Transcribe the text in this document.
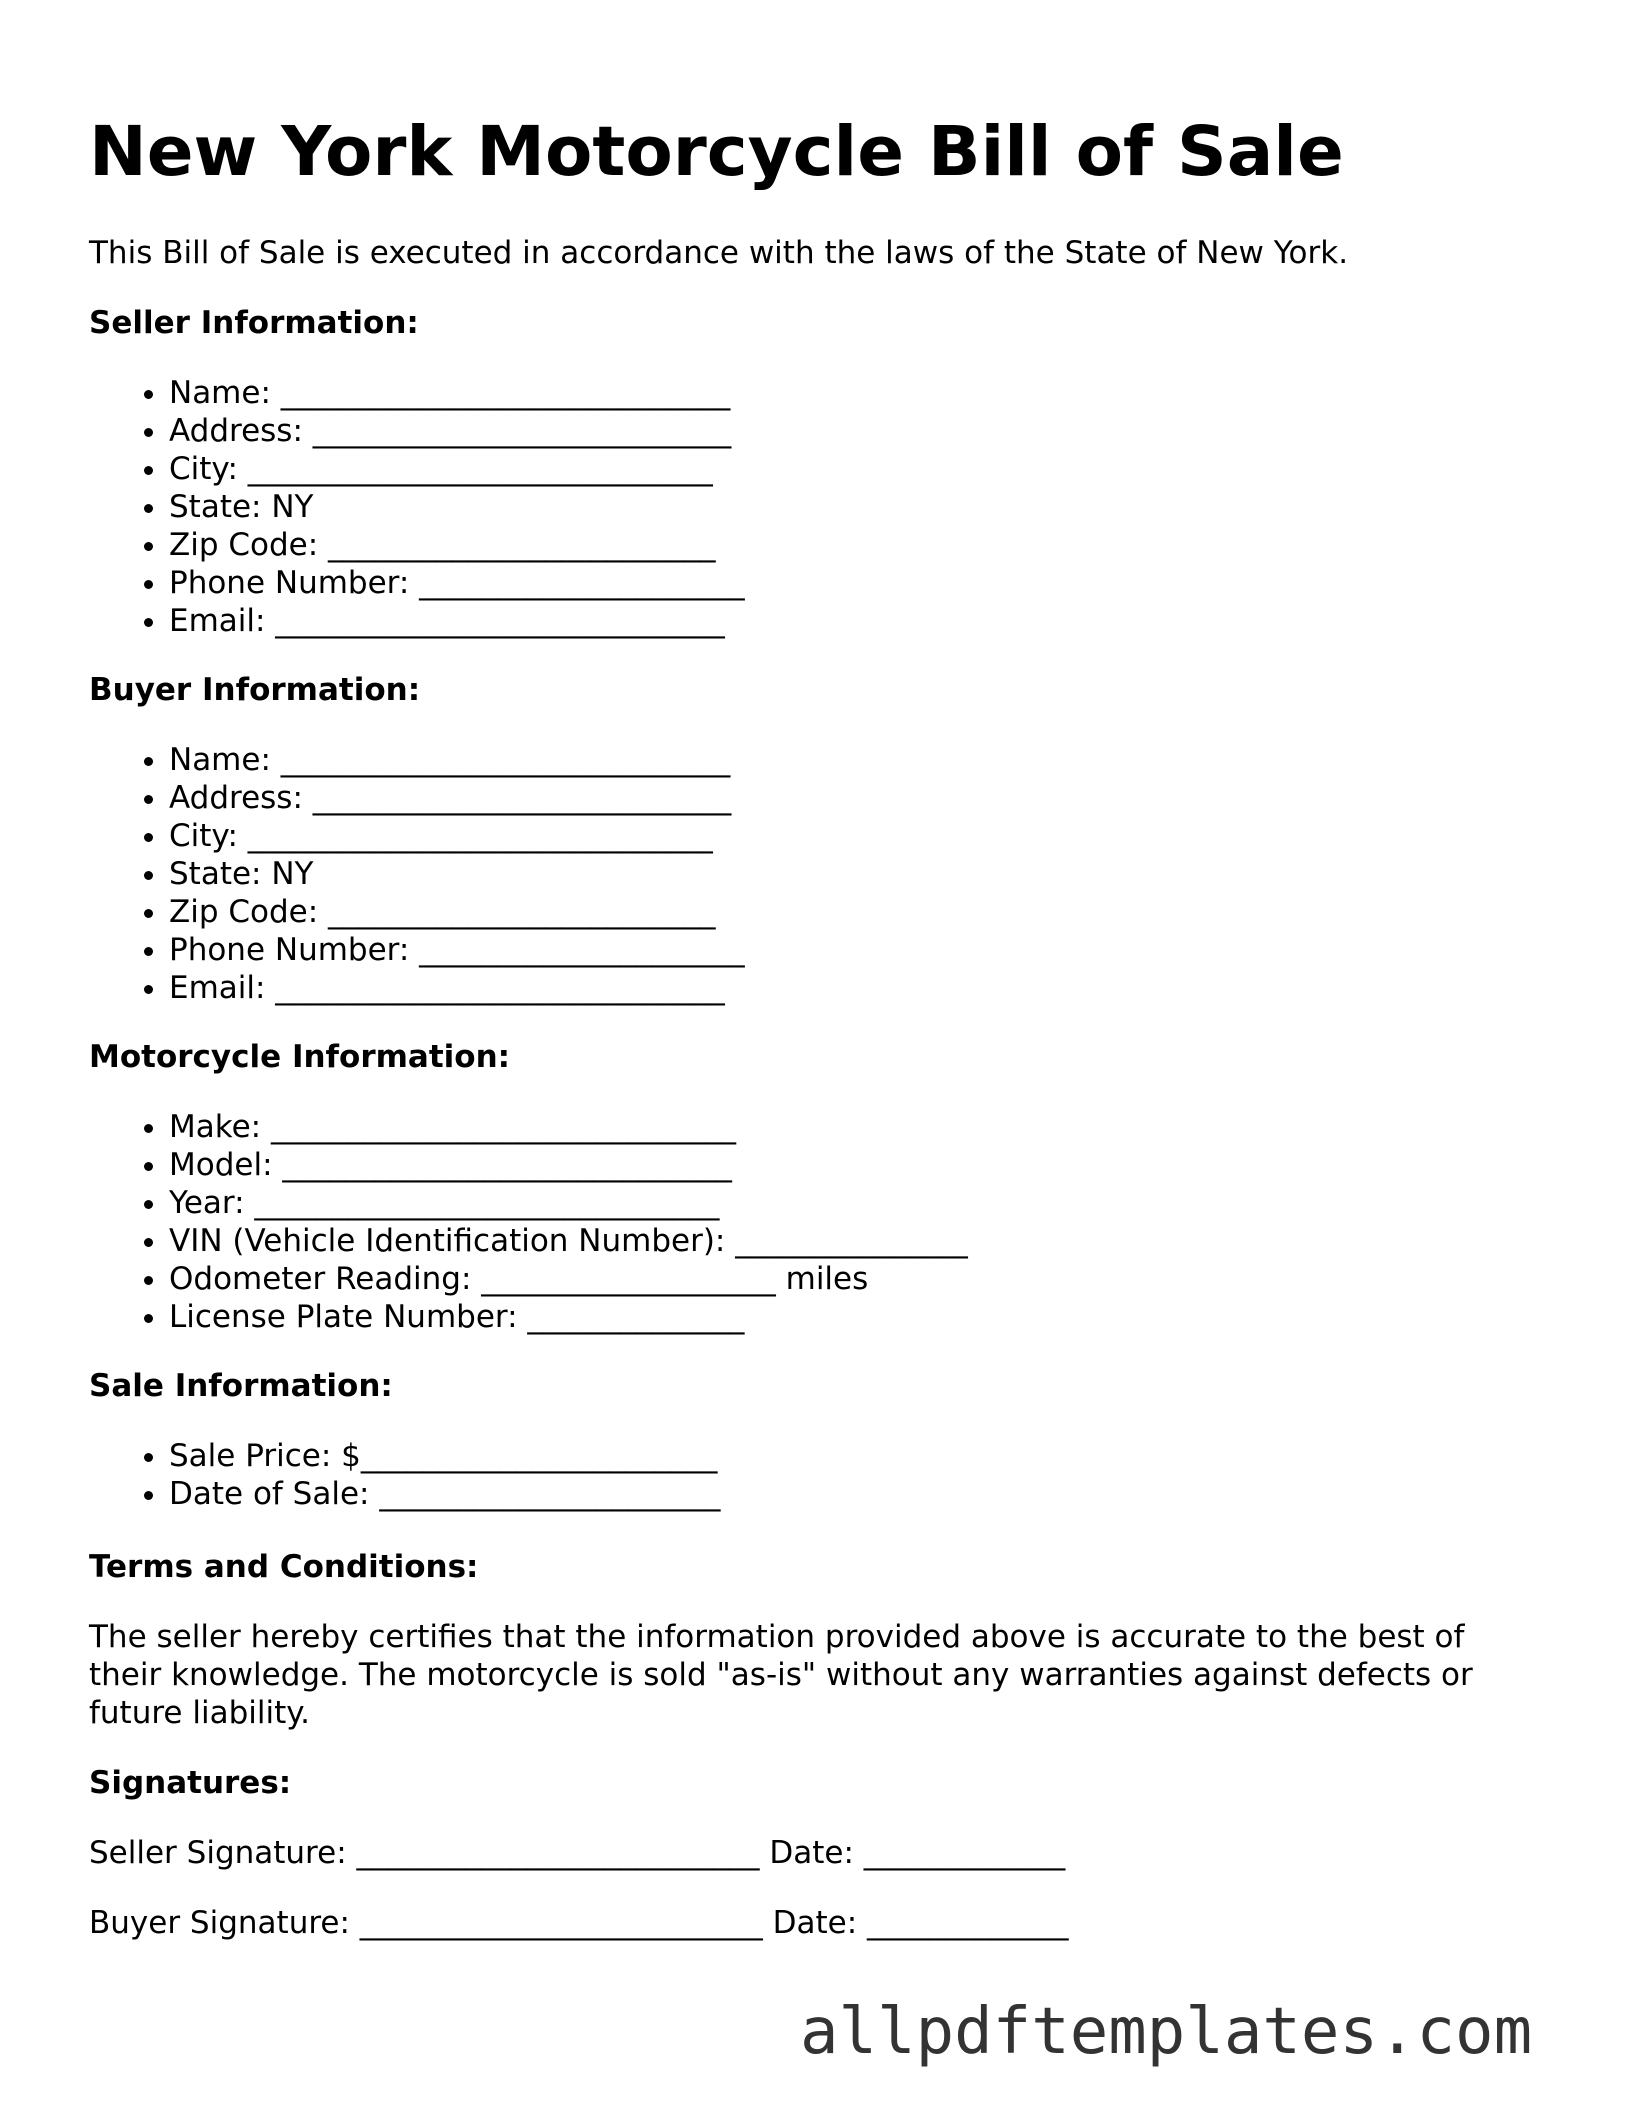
New York Motorcycle Bill of Sale

This Bill of Sale is executed in accordance with the laws of the State of New York.

Seller Information:

• Name: _____________________________
• Address: ___________________________
• City: ______________________________
• State: NY
• Zip Code: _________________________
• Phone Number: _____________________
• Email: _____________________________

Buyer Information:

• Name: _____________________________
• Address: ___________________________
• City: ______________________________
• State: NY
• Zip Code: _________________________
• Phone Number: _____________________
• Email: _____________________________

Motorcycle Information:

• Make: ______________________________
• Model: _____________________________
• Year: ______________________________
• VIN (Vehicle Identification Number): _______________
• Odometer Reading: ___________________ miles
• License Plate Number: ______________

Sale Information:

• Sale Price: $_______________________
• Date of Sale: ______________________

Terms and Conditions:

The seller hereby certifies that the information provided above is accurate to the best of their knowledge. The motorcycle is sold "as-is" without any warranties against defects or future liability.

Signatures:

Seller Signature: __________________________ Date: _____________

Buyer Signature: __________________________ Date: _____________

allpdftemplates.com
